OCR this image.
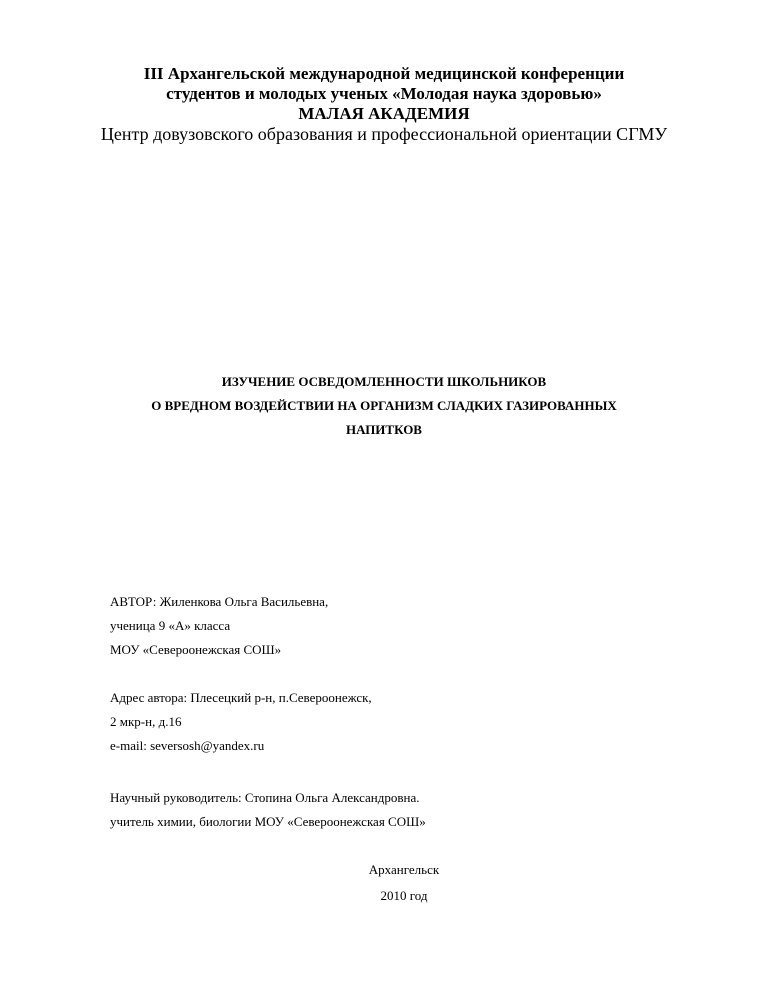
III Архангельской международной медицинской конференции
студентов и молодых ученых «Молодая наука здоровью»
МАЛАЯ АКАДЕМИЯ
Центр довузовского образования и профессиональной ориентации СГМУ
ИЗУЧЕНИЕ ОСВЕДОМЛЕННОСТИ ШКОЛЬНИКОВ
О ВРЕДНОМ ВОЗДЕЙСТВИИ НА ОРГАНИЗМ СЛАДКИХ ГАЗИРОВАННЫХ
НАПИТКОВ
АВТОР: Жиленкова Ольга Васильевна,
ученица 9 «А» класса
МОУ «Североонежская СОШ»
Адрес автора: Плесецкий р-н, п.Североонежск,
2 мкр-н, д.16
e-mail: seversosh@yandex.ru
Научный руководитель: Стопина Ольга Александровна.
учитель химии, биологии МОУ «Североонежская СОШ»
Архангельск
2010 год
